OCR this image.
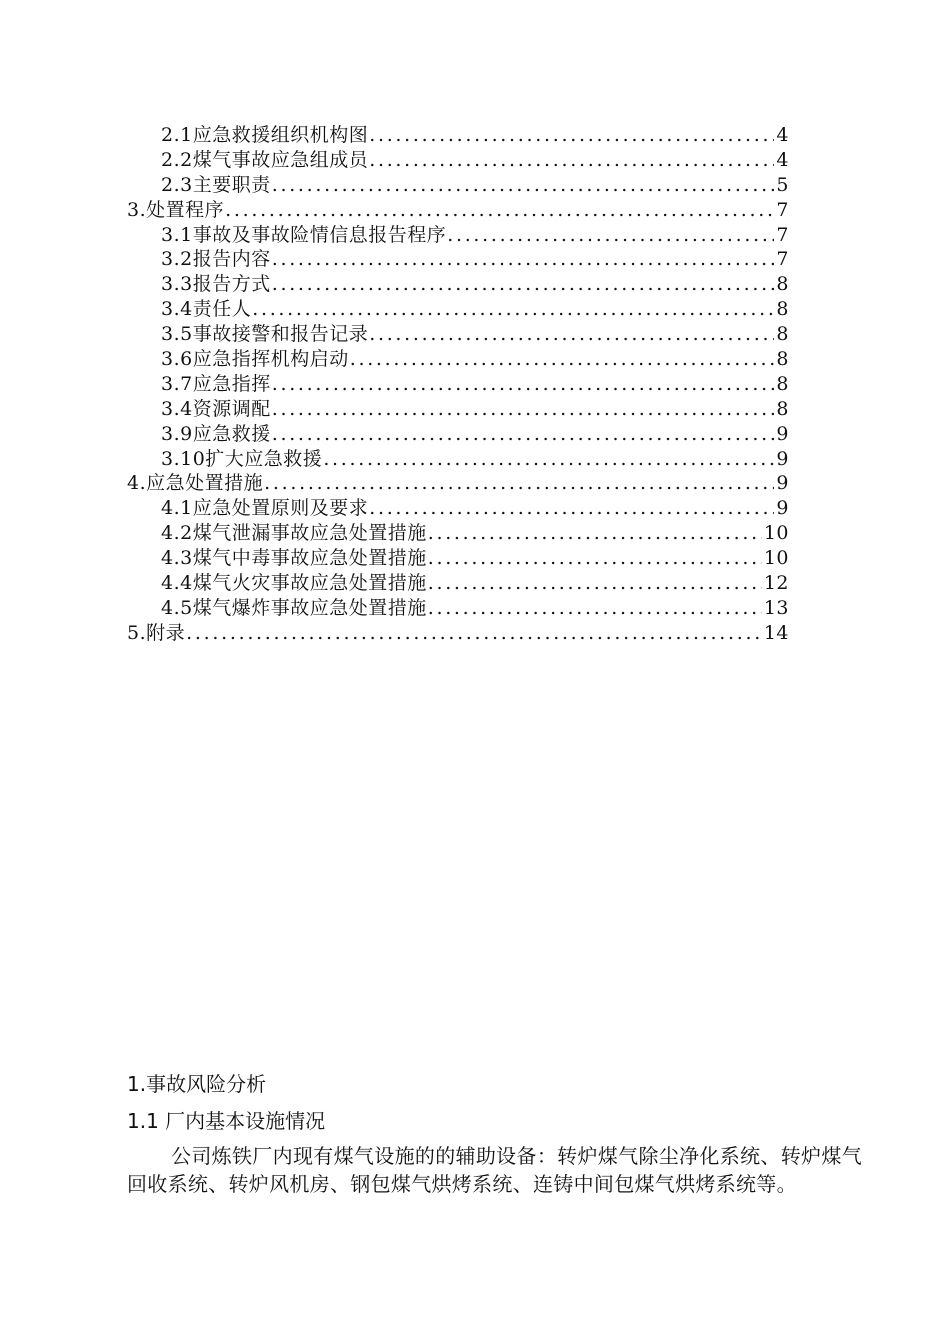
2.1应急救援组织机构图 .....	4
2.2煤气事故应急组成员 .....	4
2.3主要职责 .....	5
3.处置程序 .....	7
3.1事故及事故险情信息报告程序 .....	7
3.2报告内容 .....	7
3.3报告方式 .....	8
3.4责任人 .....	8
3.5事故接警和报告记录 .....	8
3.6应急指挥机构启动 .....	8
3.7应急指挥 .....	8
3.4资源调配 .....	8
3.9应急救援 .....	9
3.10扩大应急救援 .....	9
4.应急处置措施 .....	9
4.1应急处置原则及要求 .....	9
4.2煤气泄漏事故应急处置措施 .....	10
4.3煤气中毒事故应急处置措施 .....	10
4.4煤气火灾事故应急处置措施 .....	12
4.5煤气爆炸事故应急处置措施 .....	13
5.附录 .....	14
1.事故风险分析
1.1 厂内基本设施情况
公司炼铁厂内现有煤气设施的的辅助设备：转炉煤气除尘净化系统、转炉煤气回收系统、转炉风机房、钢包煤气烘烤系统、连铸中间包煤气烘烤系统等。
